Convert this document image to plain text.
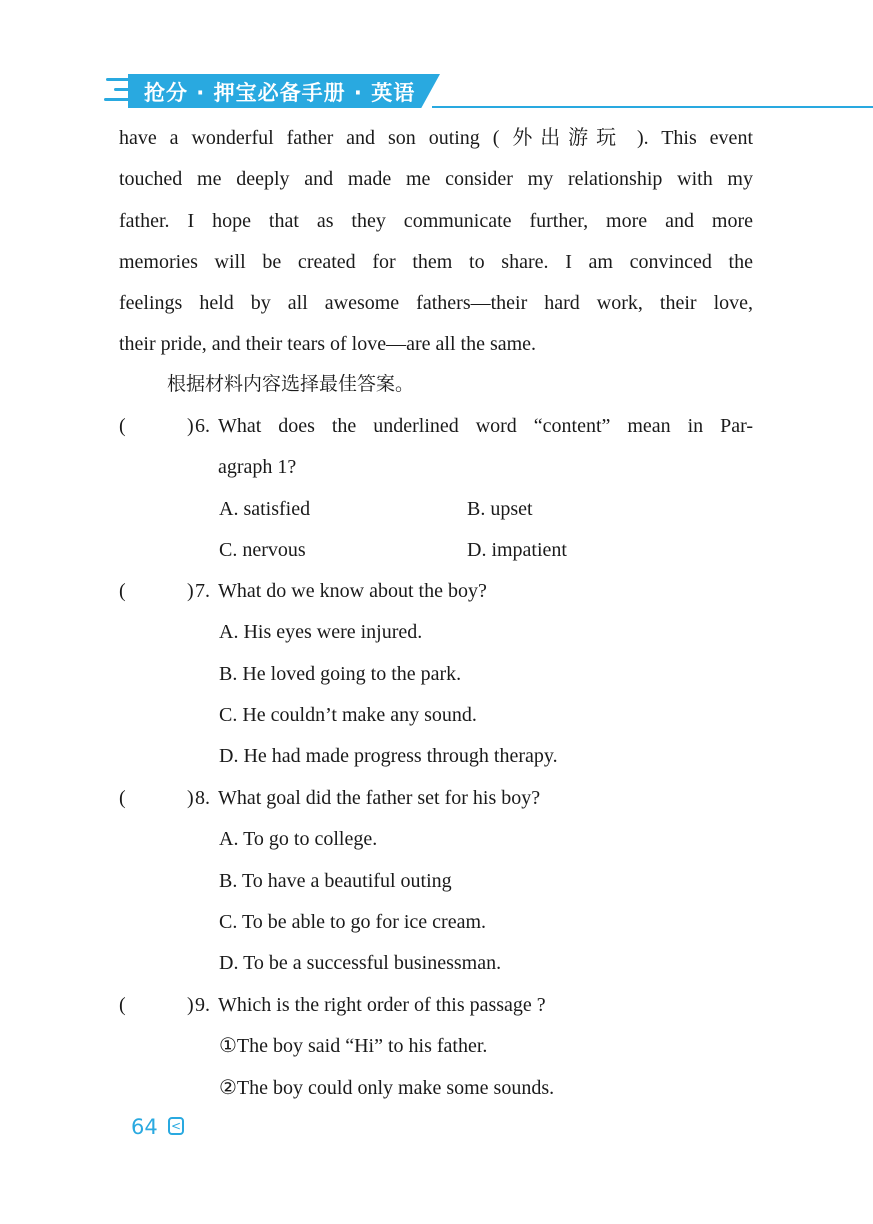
抢分 · 押宝必备手册 · 英语
have a wonderful father and son outing ( 外出游玩 ). This event
touched me deeply and made me consider my relationship with my
father. I hope that as they communicate further, more and more
memories will be created for them to share. I am convinced the
feelings held by all awesome fathers—their hard work, their love,
their pride, and their tears of love—are all the same.
根据材料内容选择最佳答案。
(	) 6. What does the underlined word “content” mean in Par-
agraph 1?
A. satisfied	B. upset
C. nervous	D. impatient
(	) 7. What do we know about the boy?
A. His eyes were injured.
B. He loved going to the park.
C. He couldn’t make any sound.
D. He had made progress through therapy.
(	) 8. What goal did the father set for his boy?
A. To go to college.
B. To have a beautiful outing
C. To be able to go for ice cream.
D. To be a successful businessman.
(	) 9. Which is the right order of this passage ?
①The boy said “Hi” to his father.
②The boy could only make some sounds.
64 <
